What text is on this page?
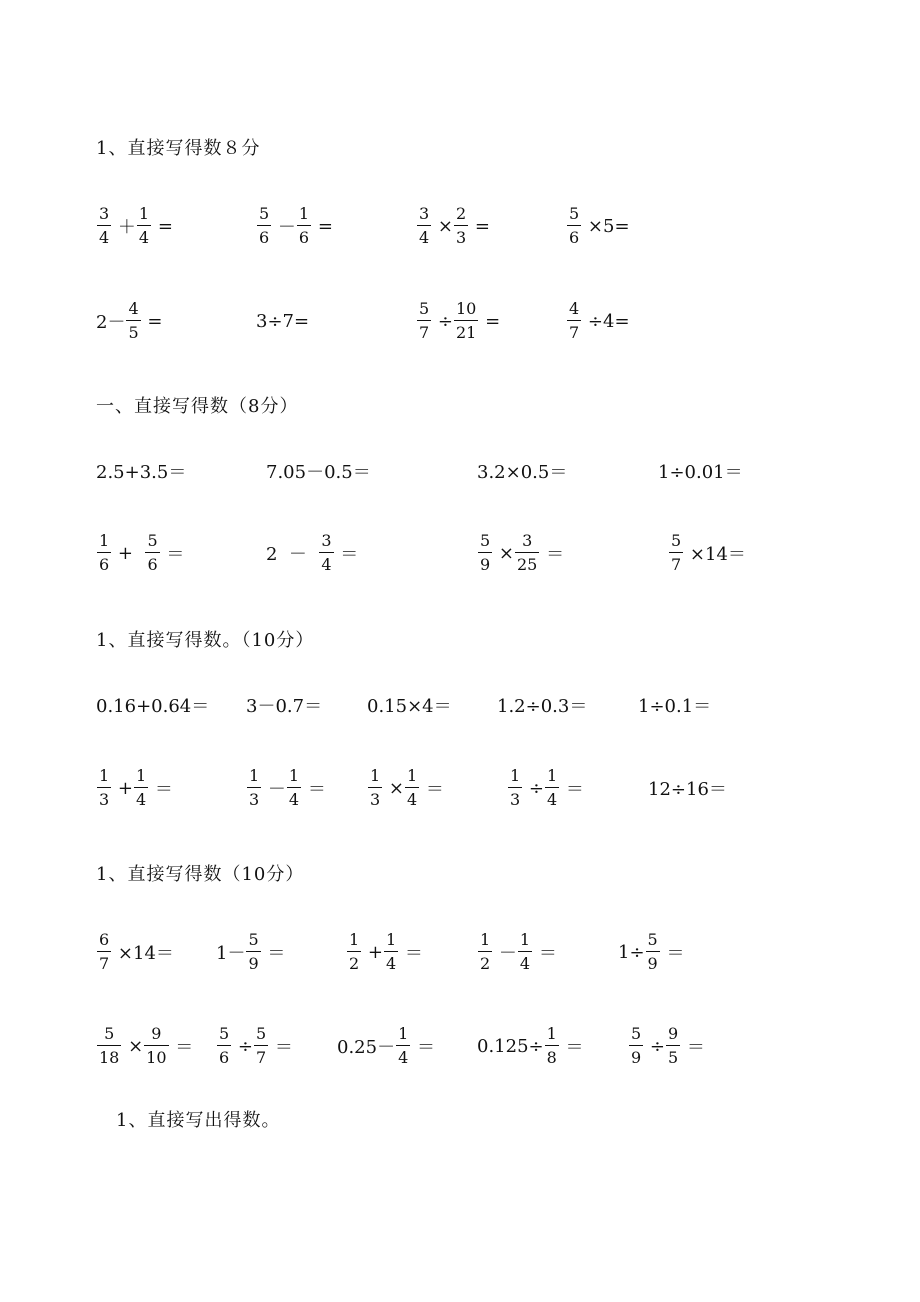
1、直接写得数８分
$\frac{3}{4} + \frac{1}{4}$ =	$\frac{5}{6} - \frac{1}{6}$ =	$\frac{3}{4} \times \frac{2}{3}$ =	$\frac{5}{6} \times 5=$
$2- \frac{4}{5}$ =	3÷7=	$\frac{5}{7} \div \frac{10}{21}$ =	$\frac{4}{7} \div 4=$
一、直接写得数（8分）
2.5+3.5＝	7.05－0.5＝	3.2×0.5＝	1÷0.01＝
$\frac{1}{6} + \frac{5}{6}$ ＝	$2 - \frac{3}{4}$ ＝	$\frac{5}{9} \times \frac{3}{25}$ ＝	$\frac{5}{7} \times 14=$
1、直接写得数。（10分）
0.16+0.64＝ 3－0.7＝ 0.15×4＝	1.2÷0.3＝	1÷0.1＝
$\frac{1}{3} + \frac{1}{4}$ ＝	$\frac{1}{3} - \frac{1}{4}$ ＝	$\frac{1}{3} \times \frac{1}{4}$ ＝	$\frac{1}{3} \div \frac{1}{4}$ ＝	12÷16＝
1、直接写得数（10分）
$\frac{6}{7} \times 14= 1- \frac{5}{9}$ ＝	$\frac{1}{2} + \frac{1}{4}$ ＝	$\frac{1}{2} - \frac{1}{4}$ ＝	$1\div \frac{5}{9}$ ＝
$\frac{5}{18} \times \frac{9}{10} = \frac{5}{6} \div \frac{5}{7} = 0.25- \frac{1}{4} = 0.125\div \frac{1}{8}$ ＝	$\frac{5}{9} \div \frac{9}{5}$ ＝
1、直接写出得数。
